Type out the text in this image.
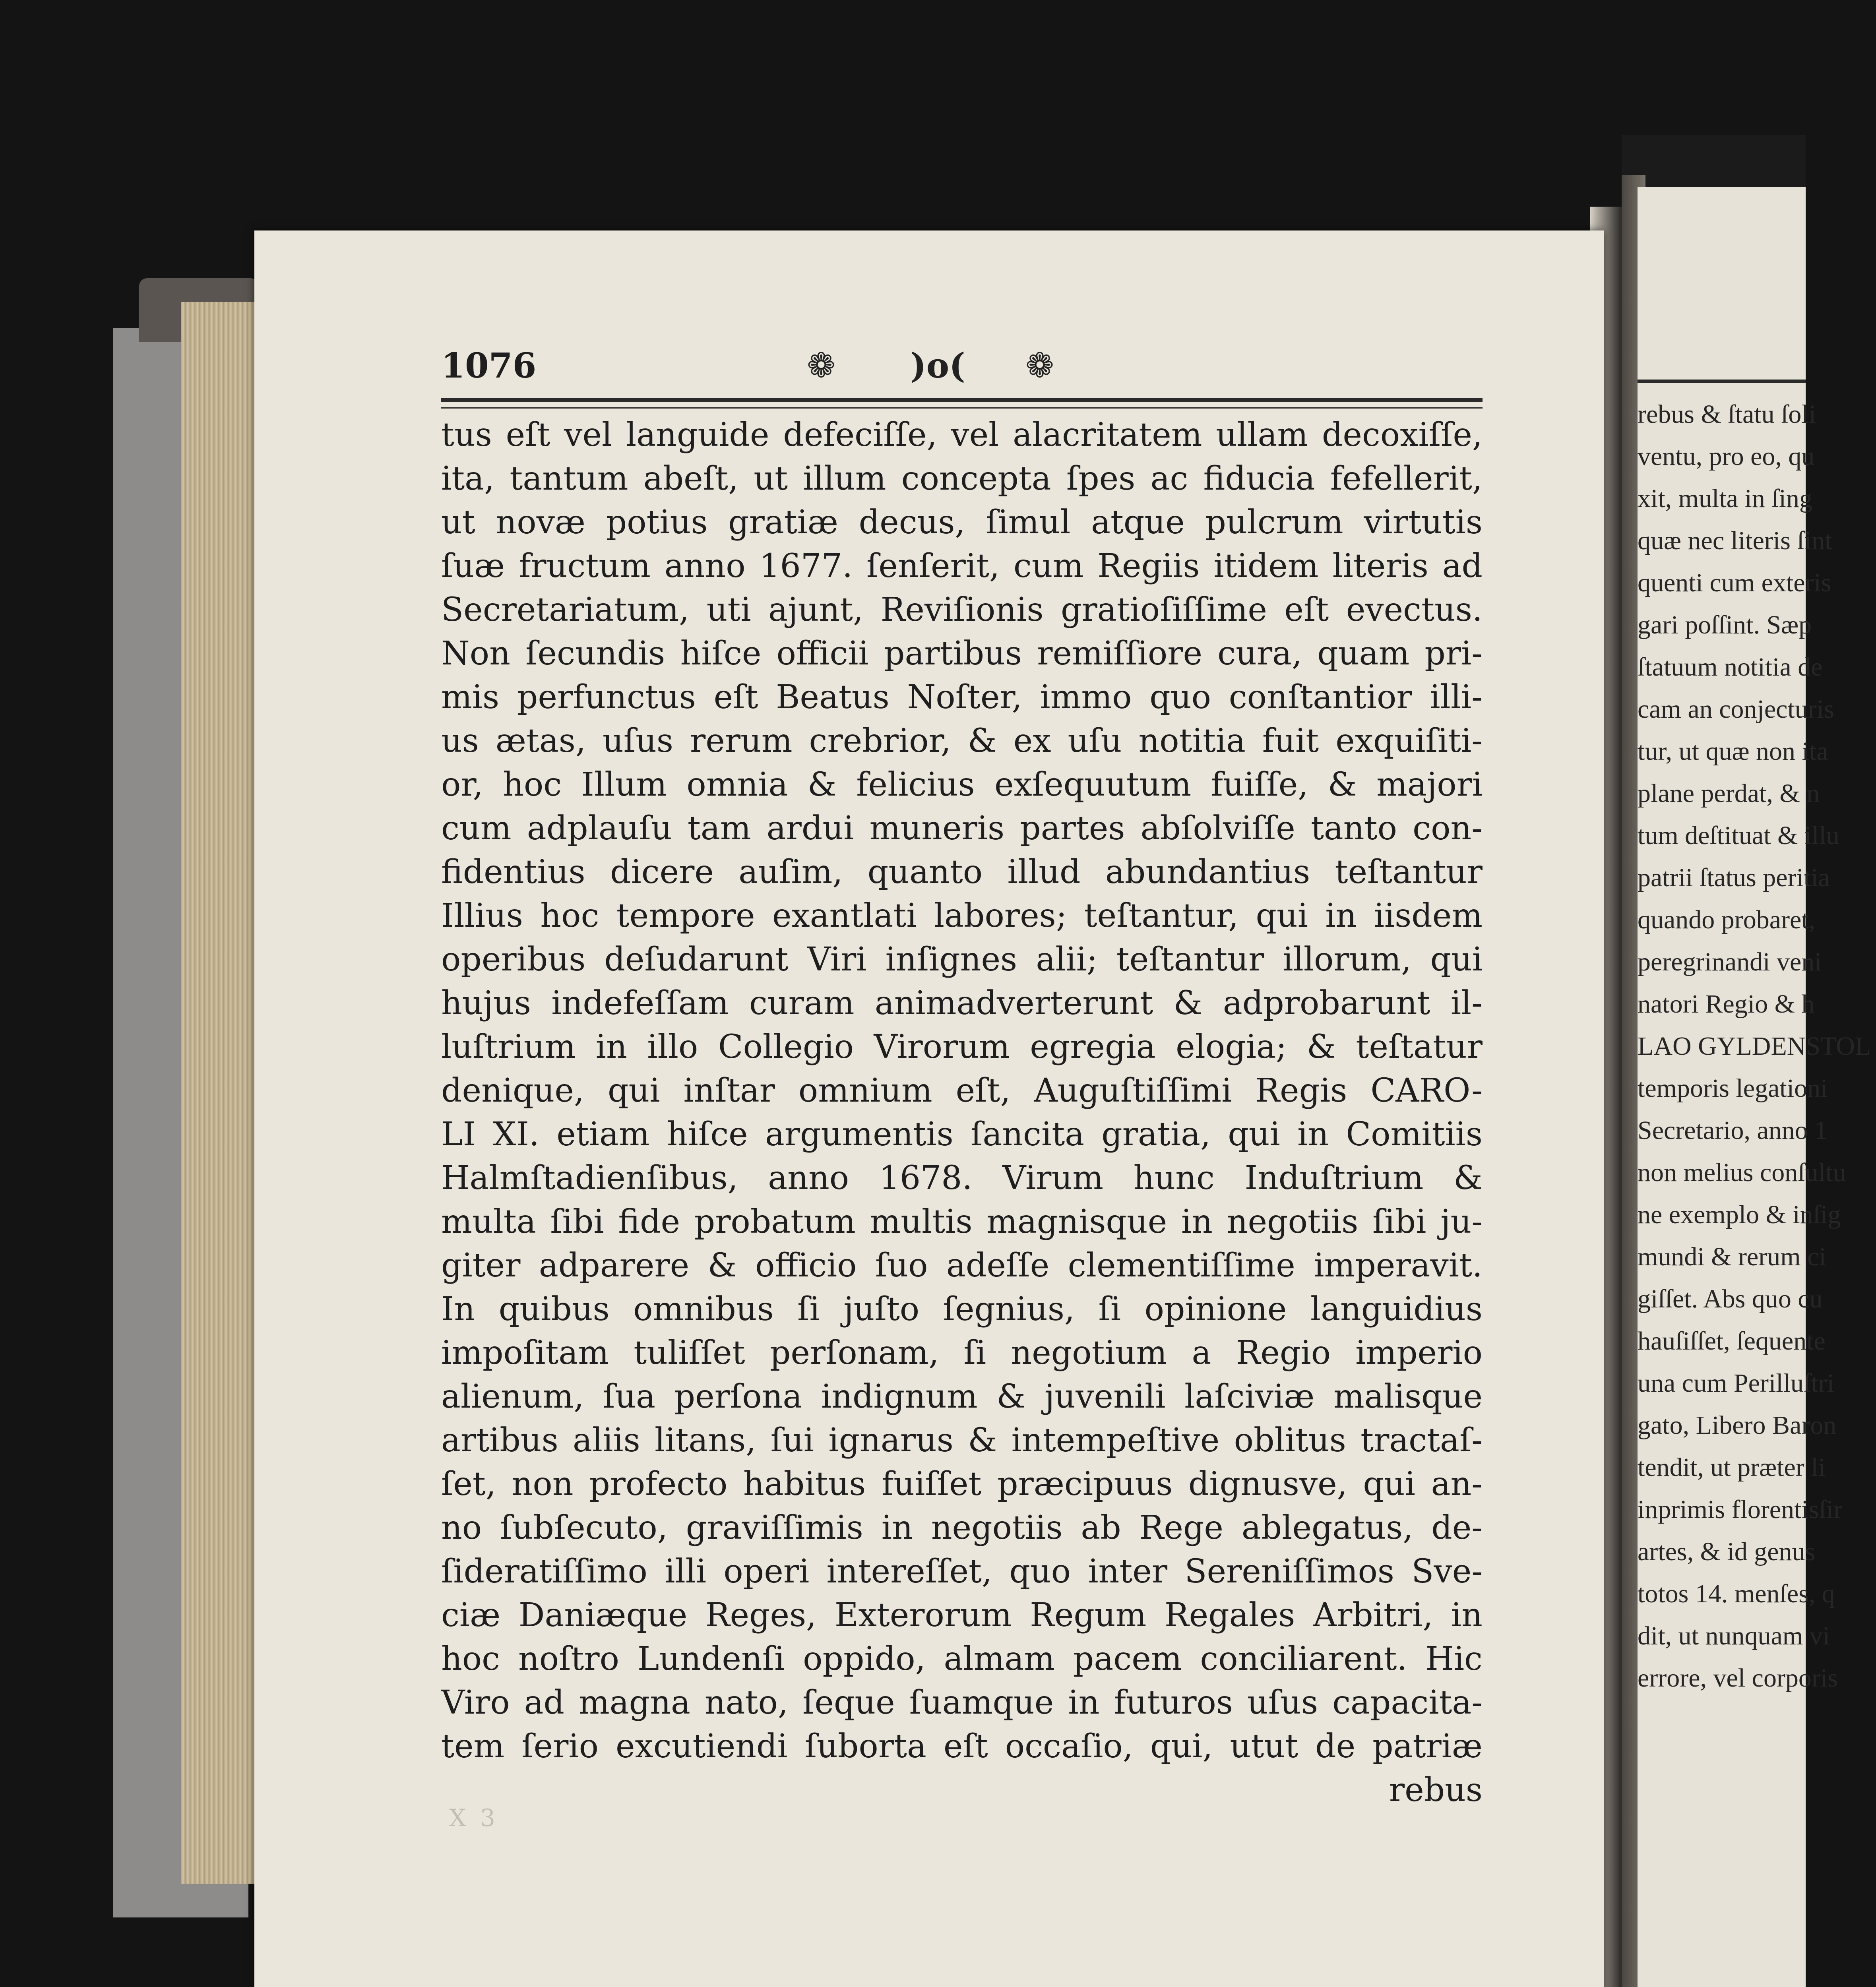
1076	❁ )o( ❁
tus eſt vel languide defeciſſe, vel alacritatem ullam decoxiſſe,
ita, tantum abeſt, ut illum concepta ſpes ac fiducia fefellerit,
ut novæ potius gratiæ decus, ſimul atque pulcrum virtutis
ſuæ fructum anno 1677. ſenſerit, cum Regiis itidem literis ad
Secretariatum, uti ajunt, Reviſionis gratioſiſſime eſt evectus.
Non ſecundis hiſce officii partibus remiſſiore cura, quam pri-
mis perfunctus eſt Beatus Noſter, immo quo conſtantior illi-
us ætas, uſus rerum crebrior, & ex uſu notitia fuit exquiſiti-
or, hoc Illum omnia & felicius exſequutum fuiſſe, & majori
cum adplauſu tam ardui muneris partes abſolviſſe tanto con-
fidentius dicere auſim, quanto illud abundantius teſtantur
Illius hoc tempore exantlati labores; teſtantur, qui in iisdem
operibus deſudarunt Viri inſignes alii; teſtantur illorum, qui
hujus indefeſſam curam animadverterunt & adprobarunt il-
luſtrium in illo Collegio Virorum egregia elogia; & teſtatur
denique, qui inſtar omnium eſt, Auguſtiſſimi Regis CARO-
LI XI. etiam hiſce argumentis ſancita gratia, qui in Comitiis
Halmſtadienſibus, anno 1678. Virum hunc Induſtrium &
multa ſibi fide probatum multis magnisque in negotiis ſibi ju-
giter adparere & officio ſuo adeſſe clementiſſime imperavit.
In quibus omnibus ſi juſto ſegnius, ſi opinione languidius
impoſitam tuliſſet perſonam, ſi negotium a Regio imperio
alienum, ſua perſona indignum & juvenili laſciviæ malisque
artibus aliis litans, ſui ignarus & intempeſtive oblitus tractaſ-
ſet, non profecto habitus fuiſſet præcipuus dignusve, qui an-
no ſubſecuto, graviſſimis in negotiis ab Rege ablegatus, de-
ſideratiſſimo illi operi intereſſet, quo inter Sereniſſimos Sve-
ciæ Daniæque Reges, Exterorum Regum Regales Arbitri, in
hoc noſtro Lundenſi oppido, almam pacem conciliarent. Hic
Viro ad magna nato, ſeque ſuamque in futuros uſus capacita-
tem ſerio excutiendi ſuborta eſt occaſio, qui, utut de patriæ
rebus
X 3
rebus & ſtatu ſoli
ventu, pro eo, qu
xit, multa in ſing
quæ nec literis ſint
quenti cum exteris
gari poſſint. Sæp
ſtatuum notitia de
cam an conjecturis
tur, ut quæ non ita
plane perdat, & n
tum deſtituat & illu
patrii ſtatus peritia
quando probaret,
peregrinandi veni
natori Regio & h
LAO GYLDENSTOL
temporis legationi
Secretario, anno 1
non melius conſultu
ne exemplo & inſig
mundi & rerum ci
giſſet. Abs quo cu
hauſiſſet, ſequente
una cum Perilluſtri
gato, Libero Baron
tendit, ut præter li
inprimis florentisſir
artes, & id genus
totos 14. menſes, q
dit, ut nunquam vi
errore, vel corporis
